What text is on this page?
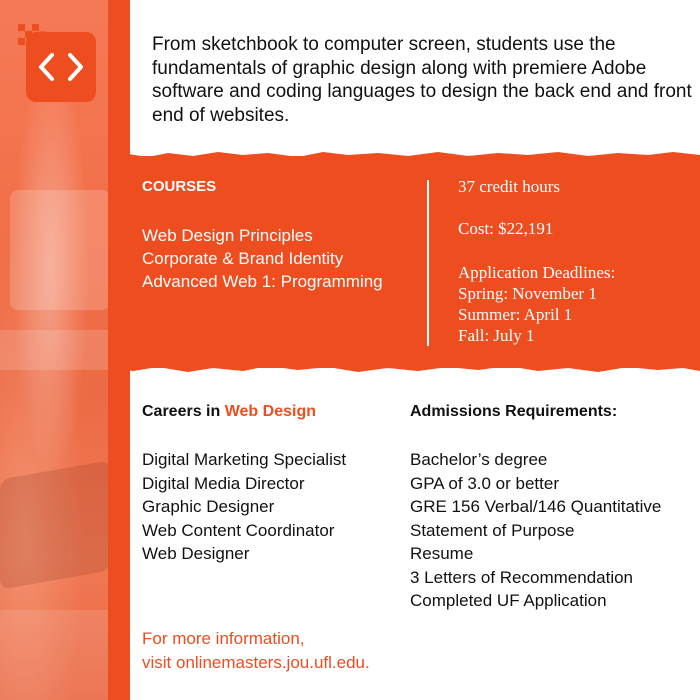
From sketchbook to computer screen, students use the fundamentals of graphic design along with premiere Adobe software and coding languages to design the back end and front end of websites.

COURSES
Web Design Principles
Corporate & Brand Identity
Advanced Web 1: Programming

37 credit hours

Cost: $22,191

Application Deadlines:
Spring: November 1
Summer: April 1
Fall: July 1
Careers in Web Design
Digital Marketing Specialist
Digital Media Director
Graphic Designer
Web Content Coordinator
Web Designer
Admissions Requirements:
Bachelor’s degree
GPA of 3.0 or better
GRE 156 Verbal/146 Quantitative
Statement of Purpose
Resume
3 Letters of Recommendation
Completed UF Application
For more information,
visit onlinemasters.jou.ufl.edu.
